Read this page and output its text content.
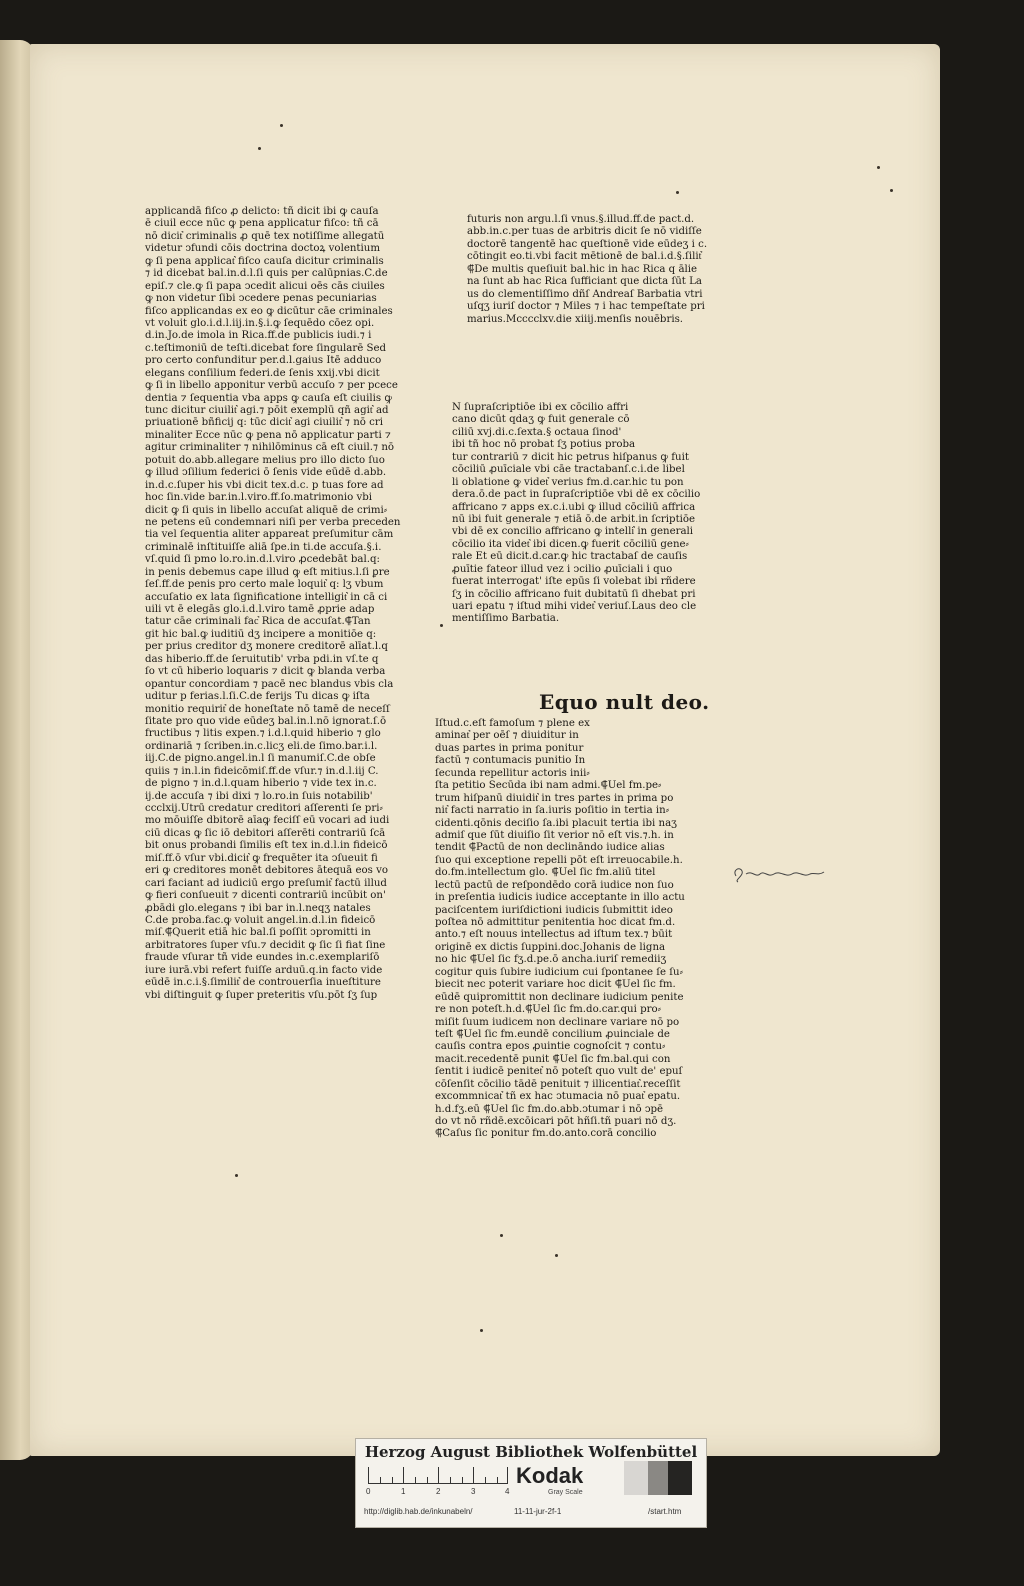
applicandā fiſco ꝓ delicto: tñ dicit ibi ꝙ cauſa
ē ciuil̄ ecce nūc ꝙ pena applicatur fiſco: tñ cā
nō dicit͛ criminalis ꝓ quē tex notiſſime allegatū
videtur ↄfundi cōis doctrina doctoꝝ volentium
ꝙ ſi pena applicat͛ fiſco cauſa dicitur criminalis
⁊ id dicebat bal.in.d.l.ſi quis per calūpnias.C.de
epiſ.⁊ cle.ꝙ ſi papa ↄcedit alicui oēs cās ciuiles
ꝙ non videtur ſibi ↄcedere penas pecuniarias
fiſco applicandas ex eo ꝙ dicūtur cāe criminales
vt voluit glo.i.d.l.iij.in.§.i.ꝙ ſequēdo cōez opi.
d.in.Jo.de imola in Rica.ff.de publicis iudi.⁊ i
c.teſtimoniū de teſti.dicebat fore ſingularē Sed
pro certo confunditur per.d.l.gaius Itē adduco
elegans conſilium federi.de ſenis xxij.vbi dicit
ꝙ ſi in libello apponitur verbū accuſo ⁊ per pcece
dentia ⁊ ſequentia vba apps ꝙ cauſa eſt ciuilis ꝙ
tunc dicitur ciuilit͛ agi.⁊ pōit exemplū qñ agit͛ ad
priuationē bñficij q: tūc dicit͛ agi ciuilit͛ ⁊ nō cri
minaliter Ecce nūc ꝙ pena nō applicatur parti ⁊
agitur criminaliter ⁊ nihilōminus cā eſt ciuil̄.⁊ nō
potuit do.abb.allegare melius pro illo dicto ſuo
ꝙ illud ↄſilium federici ō ſenis vide eūdē d.abb.
in.d.c.ſuper his vbi dicit tex.d.c. p tuas fore ad
hoc ſin.vide bar.in.l.viro.ff.ſo.matrimonio vbi
dicit ꝙ ſi quis in libello accuſat aliquē de crimi⸗
ne petens eū condemnari niſi per verba preceden
tia vel ſequentia aliter appareat preſumitur cām
criminalē inſtituiſſe aliā ſpe.in ti.de accuſa.§.i.
vſ.quid ſi pmo lo.ro.in.d.l.viro ꝓcedebāt bal.q:
in penis debemus cape illud ꝙ eſt mitius.l.ſi ꝑre
ſeſ.ff.de penis pro certo male loquit͛ q: lʒ vbum
accuſatio ex lata ſignificatione intelligit͛ in cā ci
uili vt ē elegās glo.i.d.l.viro tamē ꝓprie adap
tatur cāe criminali fac͛ Rica de accuſat.⸿Tan
git hic bal.ꝙ iuditiū dʒ incipere a monitiōe q:
per prius creditor dʒ monere creditorē alīat.l.q
das hiberio.ff.de ſeruitutib' vrba pdi.in vſ.te q
ſo vt cū hiberio loquaris ⁊ dicit ꝙ blanda verba
opantur concordiam ⁊ pacē nec blandus vbis cla
uditur p ferias.l.ſi.C.de ferijs Tu dicas ꝙ iſta
monitio requirit͛ de honeſtate nō tamē de neceſſ
ſitate pro quo vide eūdeʒ bal.in.l.nō ignorat.ſ.ō
fructibus ⁊ litis expen.⁊ i.d.l.quid hiberio ⁊ glo
ordinariā ⁊ ſcriben.in.c.licʒ eli.de ſimo.bar.i.l.
iij.C.de pigno.angel.in.l ſi manumiſ.C.de obſe
quiis ⁊ in.l.in fideicōmiſ.ff.de vſur.⁊ in.d.l.iij C.
de pigno ⁊ in.d.l.quam hiberio ⁊ vide tex in.c.
ij.de accuſa ⁊ ibi dixi ⁊ lo.ro.in ſuis notabilib'
ccclxij.Utrū credatur creditori aſſerenti ſe pri⸗
mo mōuiſſe dbitorē aīaꝙ feciſſ eū vocari ad iudi
ciū dicas ꝙ ſic iō debitori aſſerēti contrariū ſcā
bit onus probandi ſimilis eſt tex in.d.l.in fideicō
miſ.ff.ō vſur vbi.dicit͛ ꝙ frequēter ita ↄſueuit fi
eri ꝙ creditores monēt debitores ātequā eos vo
cari faciant ad iudiciū ergo preſumit͛ factū illud
ꝙ fieri conſueuit ⁊ dicenti contrariū incūbit on'
ꝓbādi glo.elegans ⁊ ibi bar in.l.neqʒ natales
C.de proba.fac.ꝙ voluit angel.in.d.l.in fideicō
miſ.⸿Querit etiā hic bal.ſi poſſit ↄpromitti in
arbitratores ſuper vſu.⁊ decidit ꝙ ſic ſi fiat ſine
fraude vſurar tñ vide eundes in.c.exemplariſō
iure iurā.vbi refert fuiſſe arduū.q.in facto vide
eūdē in.c.i.§.ſimilit͛ de controuerſia inueſtiture
vbi diſtinguit ꝙ ſuper preteritis vſu.pōt ſʒ ſup
futuris non argu.l.ſi vnus.§.illud.ff.de pact.d.
abb.in.c.per tuas de arbitris dicit ſe nō vidiſſe
doctorē tangentē hac queſtionē vide eūdeʒ i c.
cōtingit eo.ti.vbi facit mētionē de bal.i.d.§.ſilit͛
⸿De multis queſiuit bal.hic in hac Rica q ālie
na ſunt ab hac Rica ſufficiant que dicta ſūt La
us do clementiſſimo dñſ Andreaſ Barbatia vtri
uſqʒ iuriſ doctor ⁊ Miles ⁊ i hac tempeſtate pri
marius.Mcccclxv.die xiiij.menſis nouēbris.
N ſupraſcriptiōe ibi ex cōcilio affri
cano dicūt qdaʒ ꝙ fuit generale cō
ciliū xvj.di.c.ſexta.§ octaua ſinod'
ibi tñ hoc nō probat ſʒ potius proba
tur contrariū ⁊ dicit hic petrus hiſpanus ꝙ fuit
cōciliū ꝓuīciale vbi cāe tractabanſ.c.i.de libel
li oblatione ꝙ videt͛ verius fm.d.car.hic tu pon
dera.ō.de pact in ſupraſcriptiōe vbi dē ex cōcilio
affricano ⁊ apps ex.c.i.ubi ꝙ illud cōciliū affrica
nū ibi fuit generale ⁊ etiā ō.de arbit.in ſcriptiōe
vbi dē ex concilio affricano ꝙ intelli͛ in generali
cōcilio ita videt͛ ibi dicen.ꝙ fuerit cōciliū gene⸗
rale Et eū dicit.d.car.ꝙ hic tractabaſ de cauſis
ꝓuītie fateor illud vez i ↄcilio ꝓuīciali i quo
fuerat interrogat' iſte epūs ſi volebat ibi rñdere
ſʒ in cōcilio affricano fuit dubitatū ſi dhebat pri
uari epatu ⁊ iſtud mihi videt͛ veriuſ.Laus deo cle
mentiſſimo Barbatia.
Equo nult deo.
Iſtud.c.eſt famoſum ⁊ plene ex
aminat͛ per oēſ ⁊ diuiditur in
duas partes in prima ponitur
factū ⁊ contumacis punitio In
ſecunda repellitur actoris inii⸗
ſta petitio Secūda ibi nam admi.⸿Uel fm.pe⸗
trum hiſpanū diuidit͛ in tres partes in prima po
nit͛ facti narratio in ſa.iuris poſitio in tertia in⸗
cidenti.qōnis deciſio ſa.ibi placuit tertia ibi naʒ
admiſ que ſūt diuiſio ſit verior nō eſt vis.⁊.h. in
tendit ⸿Pactū de non declināndo iudice alias
ſuo qui exceptione repelli pōt eſt irreuocabile.h.
do.fm.intellectum glo. ⸿Uel ſic fm.aliū titel
lectū pactū de reſpondēdo corā iudice non ſuo
in preſentia iudicis iudice acceptante in illo actu
paciſcentem iuriſdictioni iudicis ſubmittit ideo
poſtea nō admittitur penitentia hoc dicat fm.d.
anto.⁊ eſt nouus intellectus ad iſtum tex.⁊ būit
originē ex dictis ſuppini.doc.Johanis de ligna
no hic ⸿Uel ſic fʒ.d.pe.ō ancha.iuriſ remediiʒ
cogitur quis ſubire iudicium cui ſpontanee ſe ſu⸗
biecit nec poterit variare hoc dicit ⸿Uel ſic fm.
eūdē quipromittit non declinare iudicium penite
re non poteſt.h.d.⸿Uel ſic fm.do.car.qui pro⸗
miſit ſuum iudicem non declinare variare nō po
teſt ⸿Uel ſic fm.eundē concilium ꝓuinciale de
cauſis contra epos ꝓuintie cognoſcit ⁊ contu⸗
macit.recedentē punit ⸿Uel ſic fm.bal.qui con
ſentit i iudicē penitet͛ nō poteſt quo vult de' epuſ
cōſenſit cōcilio tādē penituit ⁊ illicentiat͛.receſſit
excommnicat͛ tñ ex hac ↄtumacia nō puat͛ epatu.
h.d.fʒ.eū ⸿Uel ſic fm.do.abb.ↄtumar i nō ↄpē
do vt nō rñdē.excōicari pōt hñſi.tñ puari nō dʒ.
⸿Caſus ſic ponitur fm.do.anto.corā concilio
Herzog August Bibliothek Wolfenbüttel
0	1	2	3	4
Kodak
Gray Scale
http://diglib.hab.de/inkunabeln/	11-11-jur-2f-1	/start.htm
